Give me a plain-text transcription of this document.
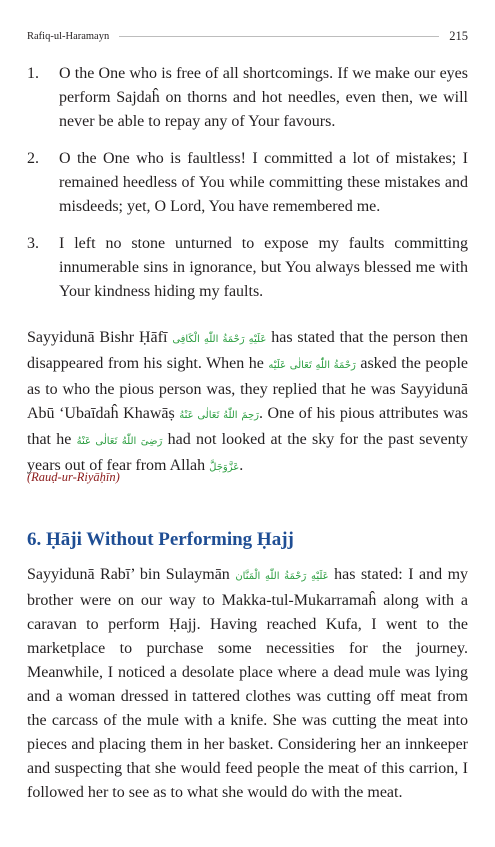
Rafiq-ul-Haramayn	215
1. O the One who is free of all shortcomings. If we make our eyes perform Sajdaĥ on thorns and hot needles, even then, we will never be able to repay any of Your favours.
2. O the One who is faultless! I committed a lot of mistakes; I remained heedless of You while committing these mistakes and misdeeds; yet, O Lord, You have remembered me.
3. I left no stone unturned to expose my faults committing innumerable sins in ignorance, but You always blessed me with Your kindness hiding my faults.

Sayyidunā Bishr Ḥāfī عَلَيْهِ رَحْمَةُ اللّٰهِ الْكَافِی has stated that the person then disappeared from his sight. When he رَحْمَةُ اللّٰهِ تَعَالٰی عَلَيْه asked the people as to who the pious person was, they replied that he was Sayyidunā Abū ‘Ubaīdaĥ Khawāṣ رَحِمَ اللّٰهُ تَعَالٰی عَنْهُ. One of his pious attributes was that he رَضِیَ اللّٰهُ تَعَالٰی عَنْهُ had not looked at the sky for the past seventy years out of fear from Allah عَزَّوَجَلَّ.

(Rauḍ-ur-Riyāḥīn)

6. Ḥāji Without Performing Ḥajj

Sayyidunā Rabī’ bin Sulaymān عَلَيْهِ رَحْمَةُ اللّٰهِ الْمَنَّان has stated: I and my brother were on our way to Makka-tul-Mukarramaĥ along with a caravan to perform Ḥajj. Having reached Kufa, I went to the marketplace to purchase some necessities for the journey. Meanwhile, I noticed a desolate place where a dead mule was lying and a woman dressed in tattered clothes was cutting off meat from the carcass of the mule with a knife. She was cutting the meat into pieces and placing them in her basket. Considering her an innkeeper and suspecting that she would feed people the meat of this carrion, I followed her to see as to what she would do with the meat.
